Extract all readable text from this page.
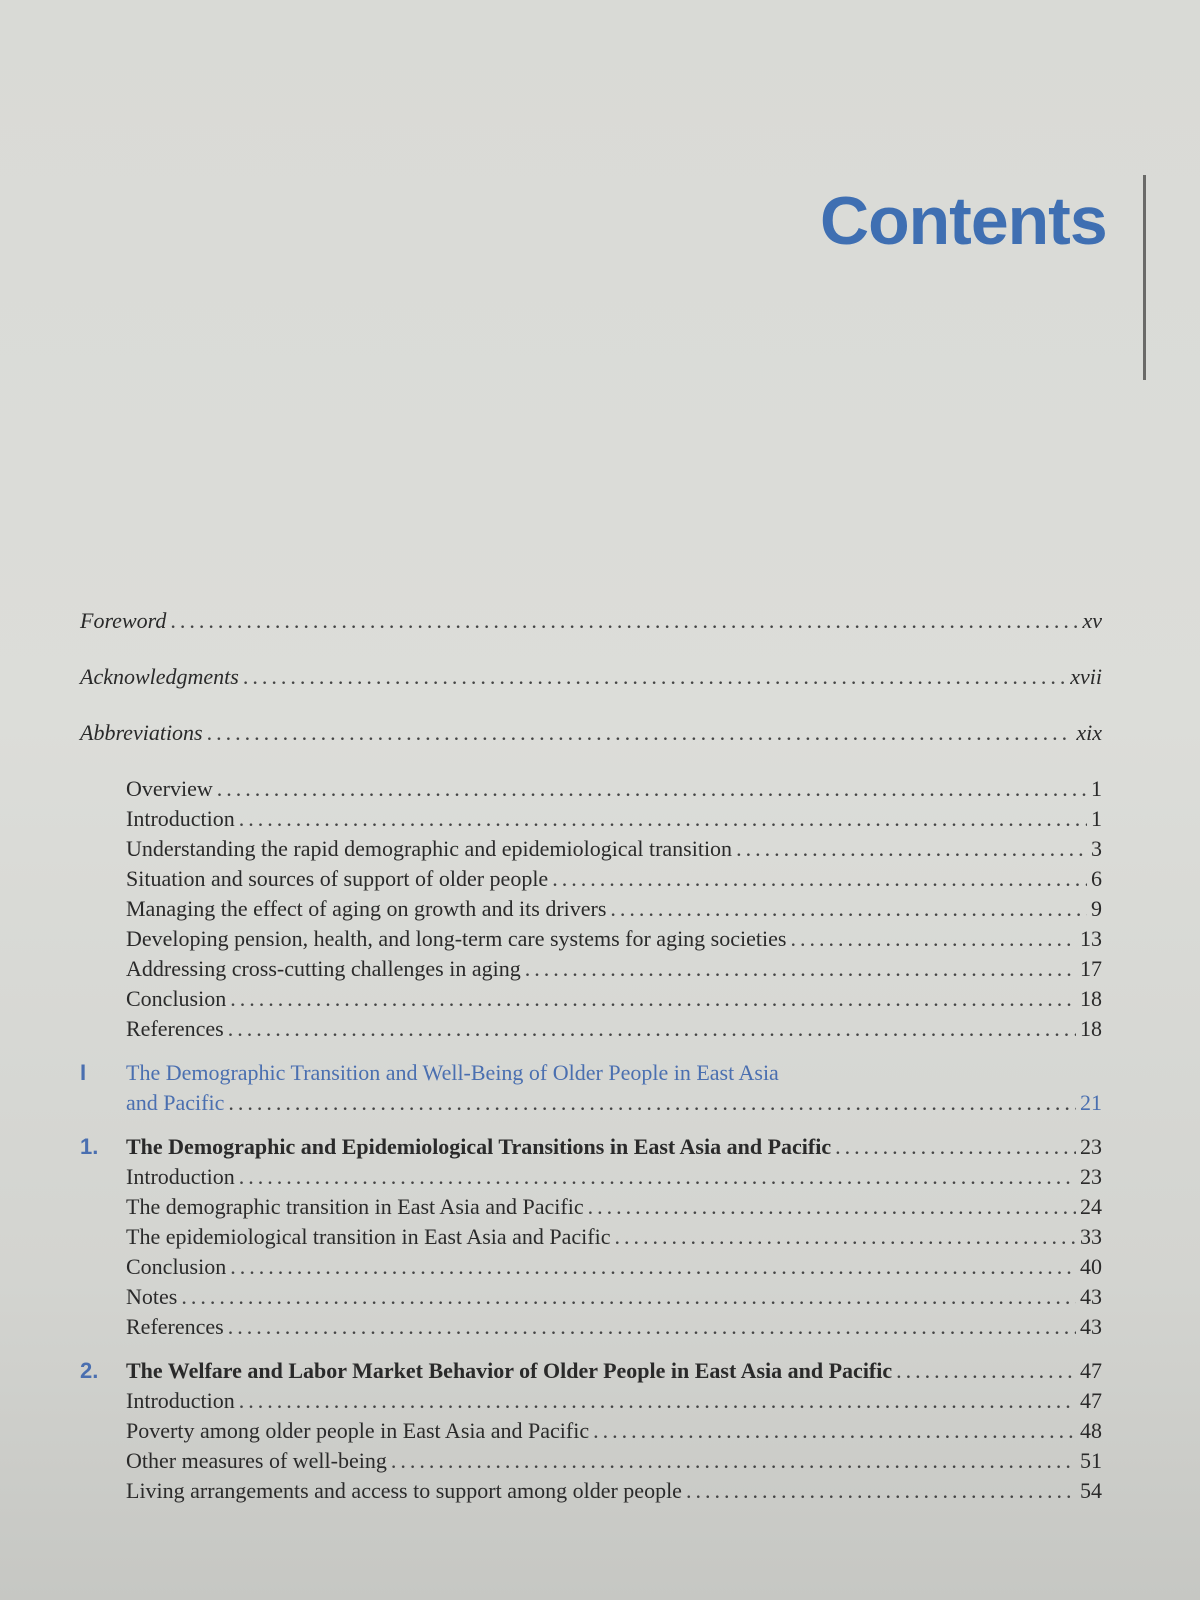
Contents
Foreword .....	xv
Acknowledgments .....	xvii
Abbreviations .....	xix
Overview .....	1
Introduction .....	1
Understanding the rapid demographic and epidemiological transition .....	3
Situation and sources of support of older people .....	6
Managing the effect of aging on growth and its drivers .....	9
Developing pension, health, and long-term care systems for aging societies .....	13
Addressing cross-cutting challenges in aging .....	17
Conclusion .....	18
References .....	18
I	The Demographic Transition and Well-Being of Older People in East Asia
and Pacific .....	21
1.	The Demographic and Epidemiological Transitions in East Asia and Pacific .....	23
Introduction .....	23
The demographic transition in East Asia and Pacific .....	24
The epidemiological transition in East Asia and Pacific .....	33
Conclusion .....	40
Notes .....	43
References .....	43
2.	The Welfare and Labor Market Behavior of Older People in East Asia and Pacific .....	47
Introduction .....	47
Poverty among older people in East Asia and Pacific .....	48
Other measures of well-being .....	51
Living arrangements and access to support among older people .....	54
